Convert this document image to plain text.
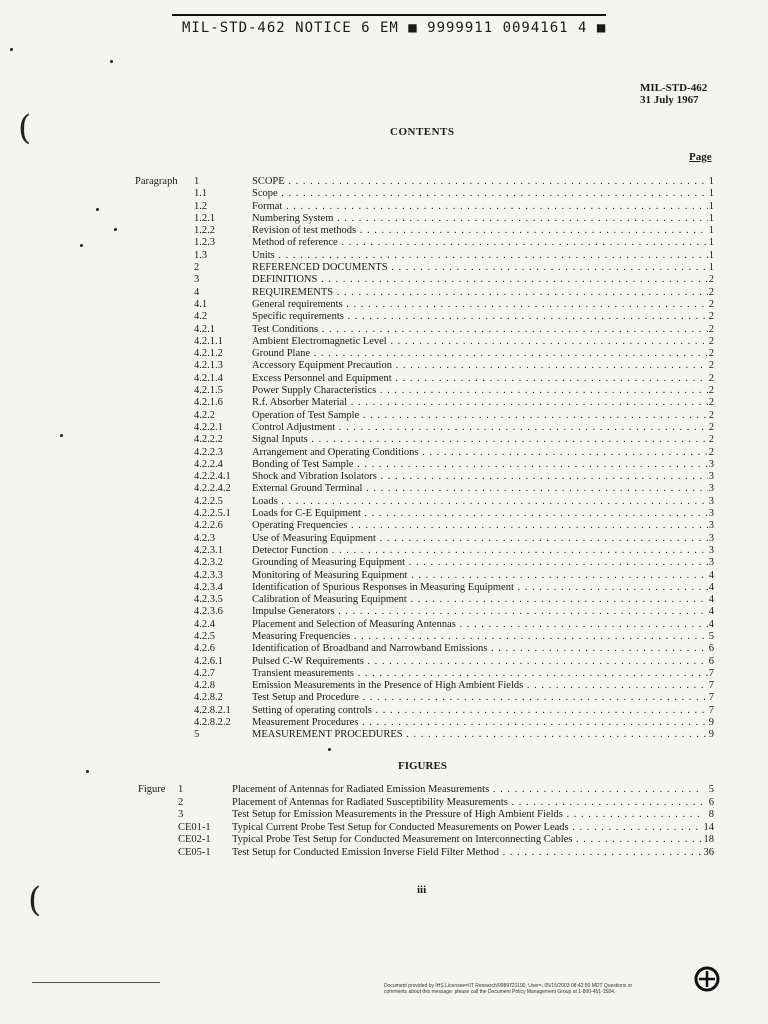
MIL-STD-462 NOTICE 6 EM ■ 9999911 0094161 4 ■
MIL-STD-462
31 July 1967
CONTENTS
Page
Paragraph 1	SCOPE . . .	1
1.1	Scope . . .	1
1.2	Format . . .	1
1.2.1	Numbering System . . .	1
1.2.2	Revision of test methods . . .	1
1.2.3	Method of reference . . .	1
1.3	Units . . .	1
2	REFERENCED DOCUMENTS . . .	1
3	DEFINITIONS . . .	2
4	REQUIREMENTS . . .	2
4.1	General requirements . . .	2
4.2	Specific requirements . . .	2
4.2.1	Test Conditions . . .	2
4.2.1.1	Ambient Electromagnetic Level . . .	2
4.2.1.2	Ground Plane . . .	2
4.2.1.3	Accessory Equipment Precaution . . .	2
4.2.1.4	Excess Personnel and Equipment . . .	2
4.2.1.5	Power Supply Characteristics . . .	2
4.2.1.6	R.f. Absorber Material . . .	2
4.2.2	Operation of Test Sample . . .	2
4.2.2.1	Control Adjustment . . .	2
4.2.2.2	Signal Inputs . . .	2
4.2.2.3	Arrangement and Operating Conditions . . .	2
4.2.2.4	Bonding of Test Sample . . .	3
4.2.2.4.1 Shock and Vibration Isolators . . .	3
4.2.2.4.2 External Ground Terminal . . .	3
4.2.2.5	Loads . . .	3
4.2.2.5.1 Loads for C-E Equipment . . .	3
4.2.2.6	Operating Frequencies . . .	3
4.2.3	Use of Measuring Equipment . . .	3
4.2.3.1	Detector Function . . .	3
4.2.3.2	Grounding of Measuring Equipment . . .	3
4.2.3.3	Monitoring of Measuring Equipment . . .	4
4.2.3.4	Identification of Spurious Responses in Measuring Equipment . . .	4
4.2.3.5	Calibration of Measuring Equipment . . .	4
4.2.3.6	Impulse Generators . . .	4
4.2.4	Placement and Selection of Measuring Antennas . . .	4
4.2.5	Measuring Frequencies . . .	5
4.2.6	Identification of Broadband and Narrowband Emissions . . .	6
4.2.6.1	Pulsed C-W Requirements . . .	6
4.2.7	Transient measurements . . .	7
4.2.8	Emission Measurements in the Presence of High Ambient Fields . . .	7
4.2.8.2	Test Setup and Procedure . . .	7
4.2.8.2.1 Setting of operating controls . . .	7
4.2.8.2.2 Measurement Procedures . . .	9
5	MEASUREMENT PROCEDURES . . .	9
FIGURES
Figure 1	Placement of Antennas for Radiated Emission Measurements . . .	5
2	Placement of Antennas for Radiated Susceptibility Measurements . . .	6
3	Test Setup for Emission Measurements in the Pressure of High Ambient Fields . . .	8
CE01-1 Typical Current Probe Test Setup for Conducted Measurements on Power Leads . . .	14
CE02-1 Typical Probe Test Setup for Conducted Measurement on Interconnecting Cables . . .	18
CE05-1 Test Setup for Conducted Emission Inverse Field Filter Method . . .	36
iii
Document provided by IHS Licensee=IIT Research/9989721100, User=, 05/15/2003 08:42:50 MDT Questions or comments about this message: please call the Document Policy Management Group at 1-800-451-1584.
(
(
